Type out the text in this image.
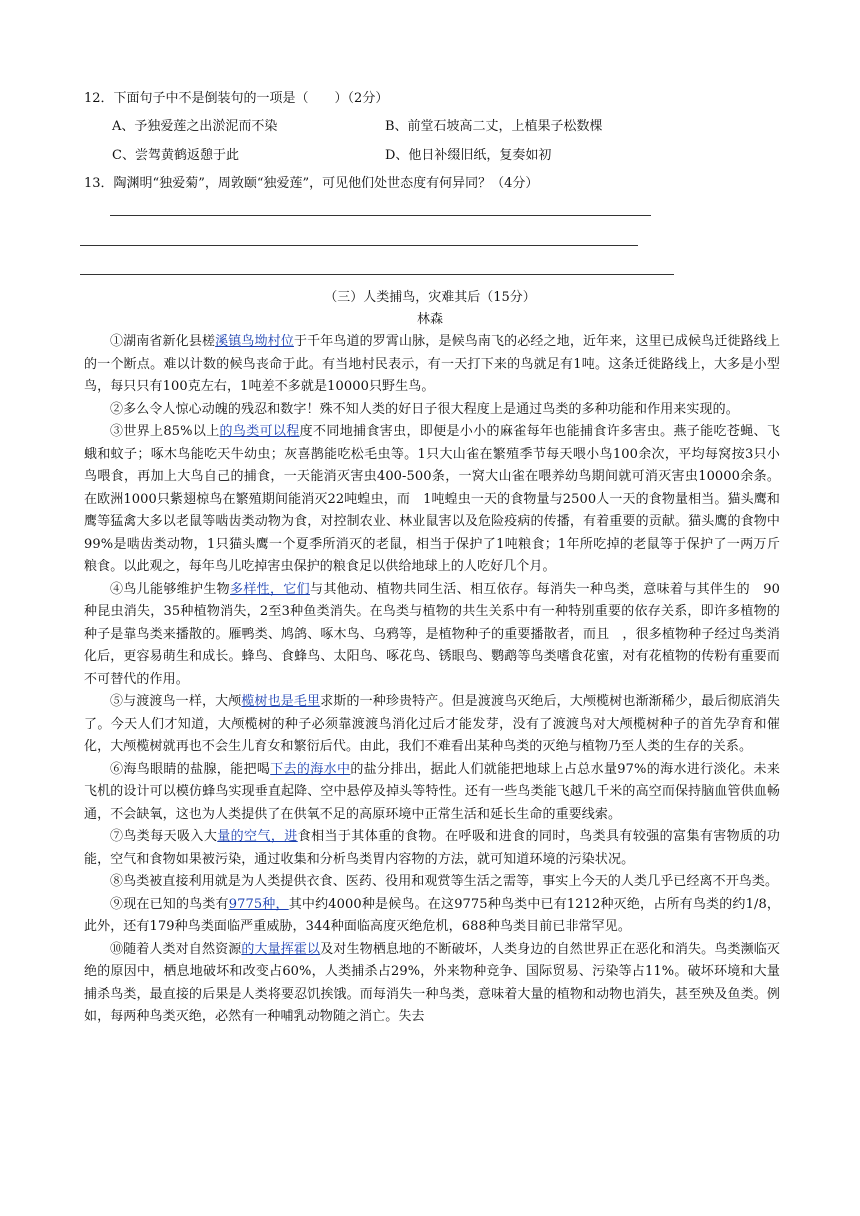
12．下面句子中不是倒装句的一项是（　　）（2分）
A、予独爱莲之出淤泥而不染	B、前堂石坡高二丈，上植果子松数棵
C、尝驾黄鹤返憩于此	D、他日补缀旧纸，复奏如初
13．陶渊明“独爱菊”，周敦颐“独爱莲”，可见他们处世态度有何异同？（4分）
（三）人类捕鸟，灾难其后（15分）
林森

①湖南省新化县槎溪镇鸟坳村位于千年鸟道的罗霄山脉，是候鸟南飞的必经之地，近年来，这里已成候鸟迁徙路线上的一个断点。难以计数的候鸟丧命于此。有当地村民表示，有一天打下来的鸟就足有1吨。这条迁徙路线上，大多是小型鸟，每只只有100克左右，1吨差不多就是10000只野生鸟。

②多么令人惊心动魄的残忍和数字！殊不知人类的好日子很大程度上是通过鸟类的多种功能和作用来实现的。

③世界上85%以上的鸟类可以程度不同地捕食害虫，即便是小小的麻雀每年也能捕食许多害虫。燕子能吃苍蝇、飞蛾和蚊子；啄木鸟能吃天牛幼虫；灰喜鹊能吃松毛虫等。1只大山雀在繁殖季节每天喂小鸟100余次，平均每窝按3只小鸟喂食，再加上大鸟自己的捕食，一天能消灭害虫400-500条，一窝大山雀在喂养幼鸟期间就可消灭害虫10000余条。在欧洲1000只紫翅椋鸟在繁殖期间能消灭22吨蝗虫，而　1吨蝗虫一天的食物量与2500人一天的食物量相当。猫头鹰和鹰等猛禽大多以老鼠等啮齿类动物为食，对控制农业、林业鼠害以及危险疫病的传播，有着重要的贡献。猫头鹰的食物中99%是啮齿类动物，1只猫头鹰一个夏季所消灭的老鼠，相当于保护了1吨粮食；1年所吃掉的老鼠等于保护了一两万斤粮食。以此观之，每年鸟儿吃掉害虫保护的粮食足以供给地球上的人吃好几个月。

④鸟儿能够维护生物多样性，它们与其他动、植物共同生活、相互依存。每消失一种鸟类，意味着与其伴生的　90　种昆虫消失，35种植物消失，2至3种鱼类消失。在鸟类与植物的共生关系中有一种特别重要的依存关系，即许多植物的种子是靠鸟类来播散的。雁鸭类、鸠鸽、啄木鸟、乌鸦等，是植物种子的重要播散者，而且　，很多植物种子经过鸟类消化后，更容易萌生和成长。蜂鸟、食蜂鸟、太阳鸟、啄花鸟、锈眼鸟、鹦鹉等鸟类嗜食花蜜，对有花植物的传粉有重要而不可替代的作用。

⑤与渡渡鸟一样，大颅榄树也是毛里求斯的一种珍贵特产。但是渡渡鸟灭绝后，大颅榄树也渐渐稀少，最后彻底消失了。今天人们才知道，大颅榄树的种子必须靠渡渡鸟消化过后才能发芽，没有了渡渡鸟对大颅榄树种子的首先孕育和催化，大颅榄树就再也不会生儿育女和繁衍后代。由此，我们不难看出某种鸟类的灭绝与植物乃至人类的生存的关系。

⑥海鸟眼睛的盐腺，能把喝下去的海水中的盐分排出，据此人们就能把地球上占总水量97%的海水进行淡化。未来飞机的设计可以模仿蜂鸟实现垂直起降、空中悬停及掉头等特性。还有一些鸟类能飞越几千米的高空而保持脑血管供血畅通，不会缺氧，这也为人类提供了在供氧不足的高原环境中正常生活和延长生命的重要线索。

⑦鸟类每天吸入大量的空气，进食相当于其体重的食物。在呼吸和进食的同时，鸟类具有较强的富集有害物质的功能，空气和食物如果被污染，通过收集和分析鸟类胃内容物的方法，就可知道环境的污染状况。

⑧鸟类被直接利用就是为人类提供衣食、医药、役用和观赏等生活之需等，事实上今天的人类几乎已经离不开鸟类。

⑨现在已知的鸟类有9775种，其中约4000种是候鸟。在这9775种鸟类中已有1212种灭绝，占所有鸟类的约1/8，此外，还有179种鸟类面临严重威胁，344种面临高度灭绝危机，688种鸟类目前已非常罕见。

⑩随着人类对自然资源的大量挥霍以及对生物栖息地的不断破坏，人类身边的自然世界正在恶化和消失。鸟类濒临灭绝的原因中，栖息地破坏和改变占60%，人类捕杀占29%，外来物种竞争、国际贸易、污染等占11%。破坏环境和大量捕杀鸟类，最直接的后果是人类将要忍饥挨饿。而每消失一种鸟类，意味着大量的植物和动物也消失，甚至殃及鱼类。例如，每两种鸟类灭绝，必然有一种哺乳动物随之消亡。失去
